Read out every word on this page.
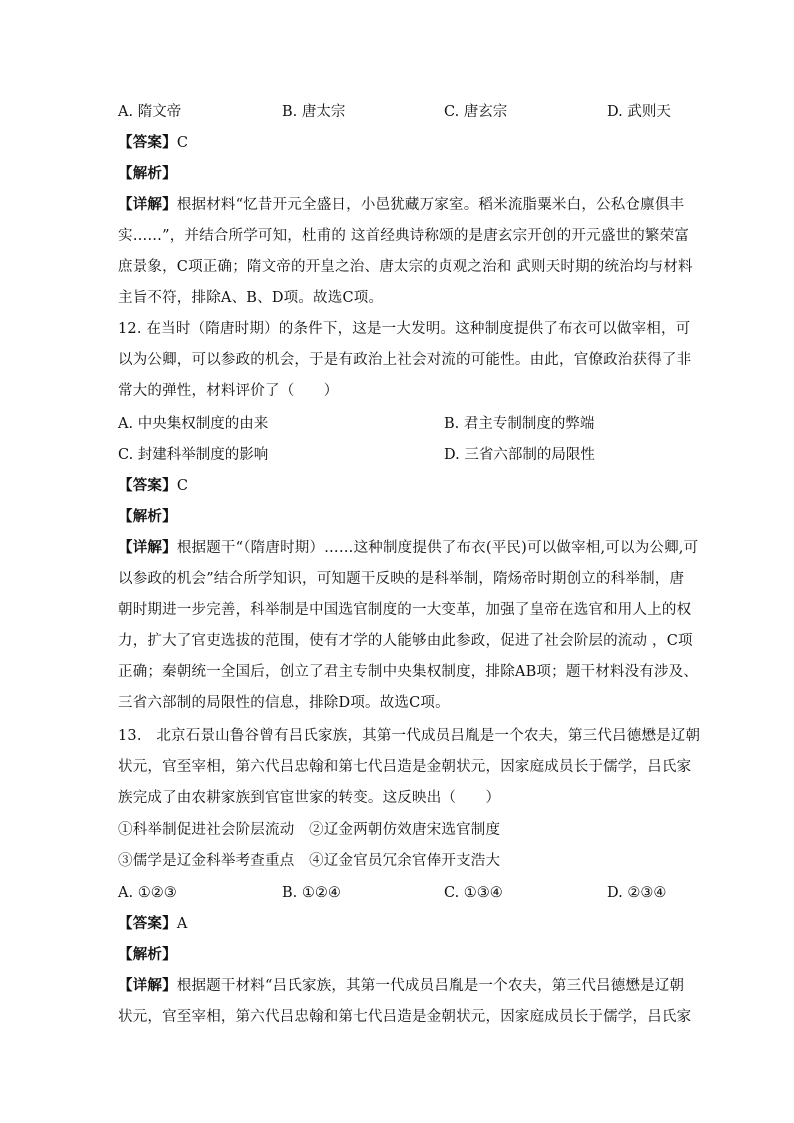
A. 隋文帝	B. 唐太宗	C. 唐玄宗	D. 武则天
【答案】C
【解析】
【详解】根据材料“忆昔开元全盛日，小邑犹藏万家室。稻米流脂粟米白，公私仓廪俱丰
实……”，并结合所学可知，杜甫的 这首经典诗称颂的是唐玄宗开创的开元盛世的繁荣富
庶景象，C项正确；隋文帝的开皇之治、唐太宗的贞观之治和 武则天时期的统治均与材料
主旨不符，排除A、B、D项。故选C项。
12. 在当时（隋唐时期）的条件下，这是一大发明。这种制度提供了布衣可以做宰相，可
以为公卿，可以参政的机会，于是有政治上社会对流的可能性。由此，官僚政治获得了非
常大的弹性，材料评价了（　　）
A. 中央集权制度的由来	B. 君主专制制度的弊端
C. 封建科举制度的影响	D. 三省六部制的局限性
【答案】C
【解析】
【详解】根据题干“（隋唐时期）……这种制度提供了布衣(平民)可以做宰相,可以为公卿,可
以参政的机会”结合所学知识，可知题干反映的是科举制，隋炀帝时期创立的科举制，唐
朝时期进一步完善，科举制是中国选官制度的一大变革，加强了皇帝在选官和用人上的权
力，扩大了官吏选拔的范围，使有才学的人能够由此参政，促进了社会阶层的流动 ，C项
正确；秦朝统一全国后，创立了君主专制中央集权制度，排除AB项；题干材料没有涉及、
三省六部制的局限性的信息，排除D项。故选C项。
13.　北京石景山鲁谷曾有吕氏家族，其第一代成员吕胤是一个农夫，第三代吕德懋是辽朝
状元，官至宰相，第六代吕忠翰和第七代吕造是金朝状元，因家庭成员长于儒学，吕氏家
族完成了由农耕家族到官宦世家的转变。这反映出（　　）
①科举制促进社会阶层流动　②辽金两朝仿效唐宋选官制度
③儒学是辽金科举考查重点　④辽金官员冗余官俸开支浩大
A. ①②③	B. ①②④	C. ①③④	D. ②③④
【答案】A
【解析】
【详解】根据题干材料“吕氏家族，其第一代成员吕胤是一个农夫，第三代吕德懋是辽朝
状元，官至宰相，第六代吕忠翰和第七代吕造是金朝状元，因家庭成员长于儒学，吕氏家
